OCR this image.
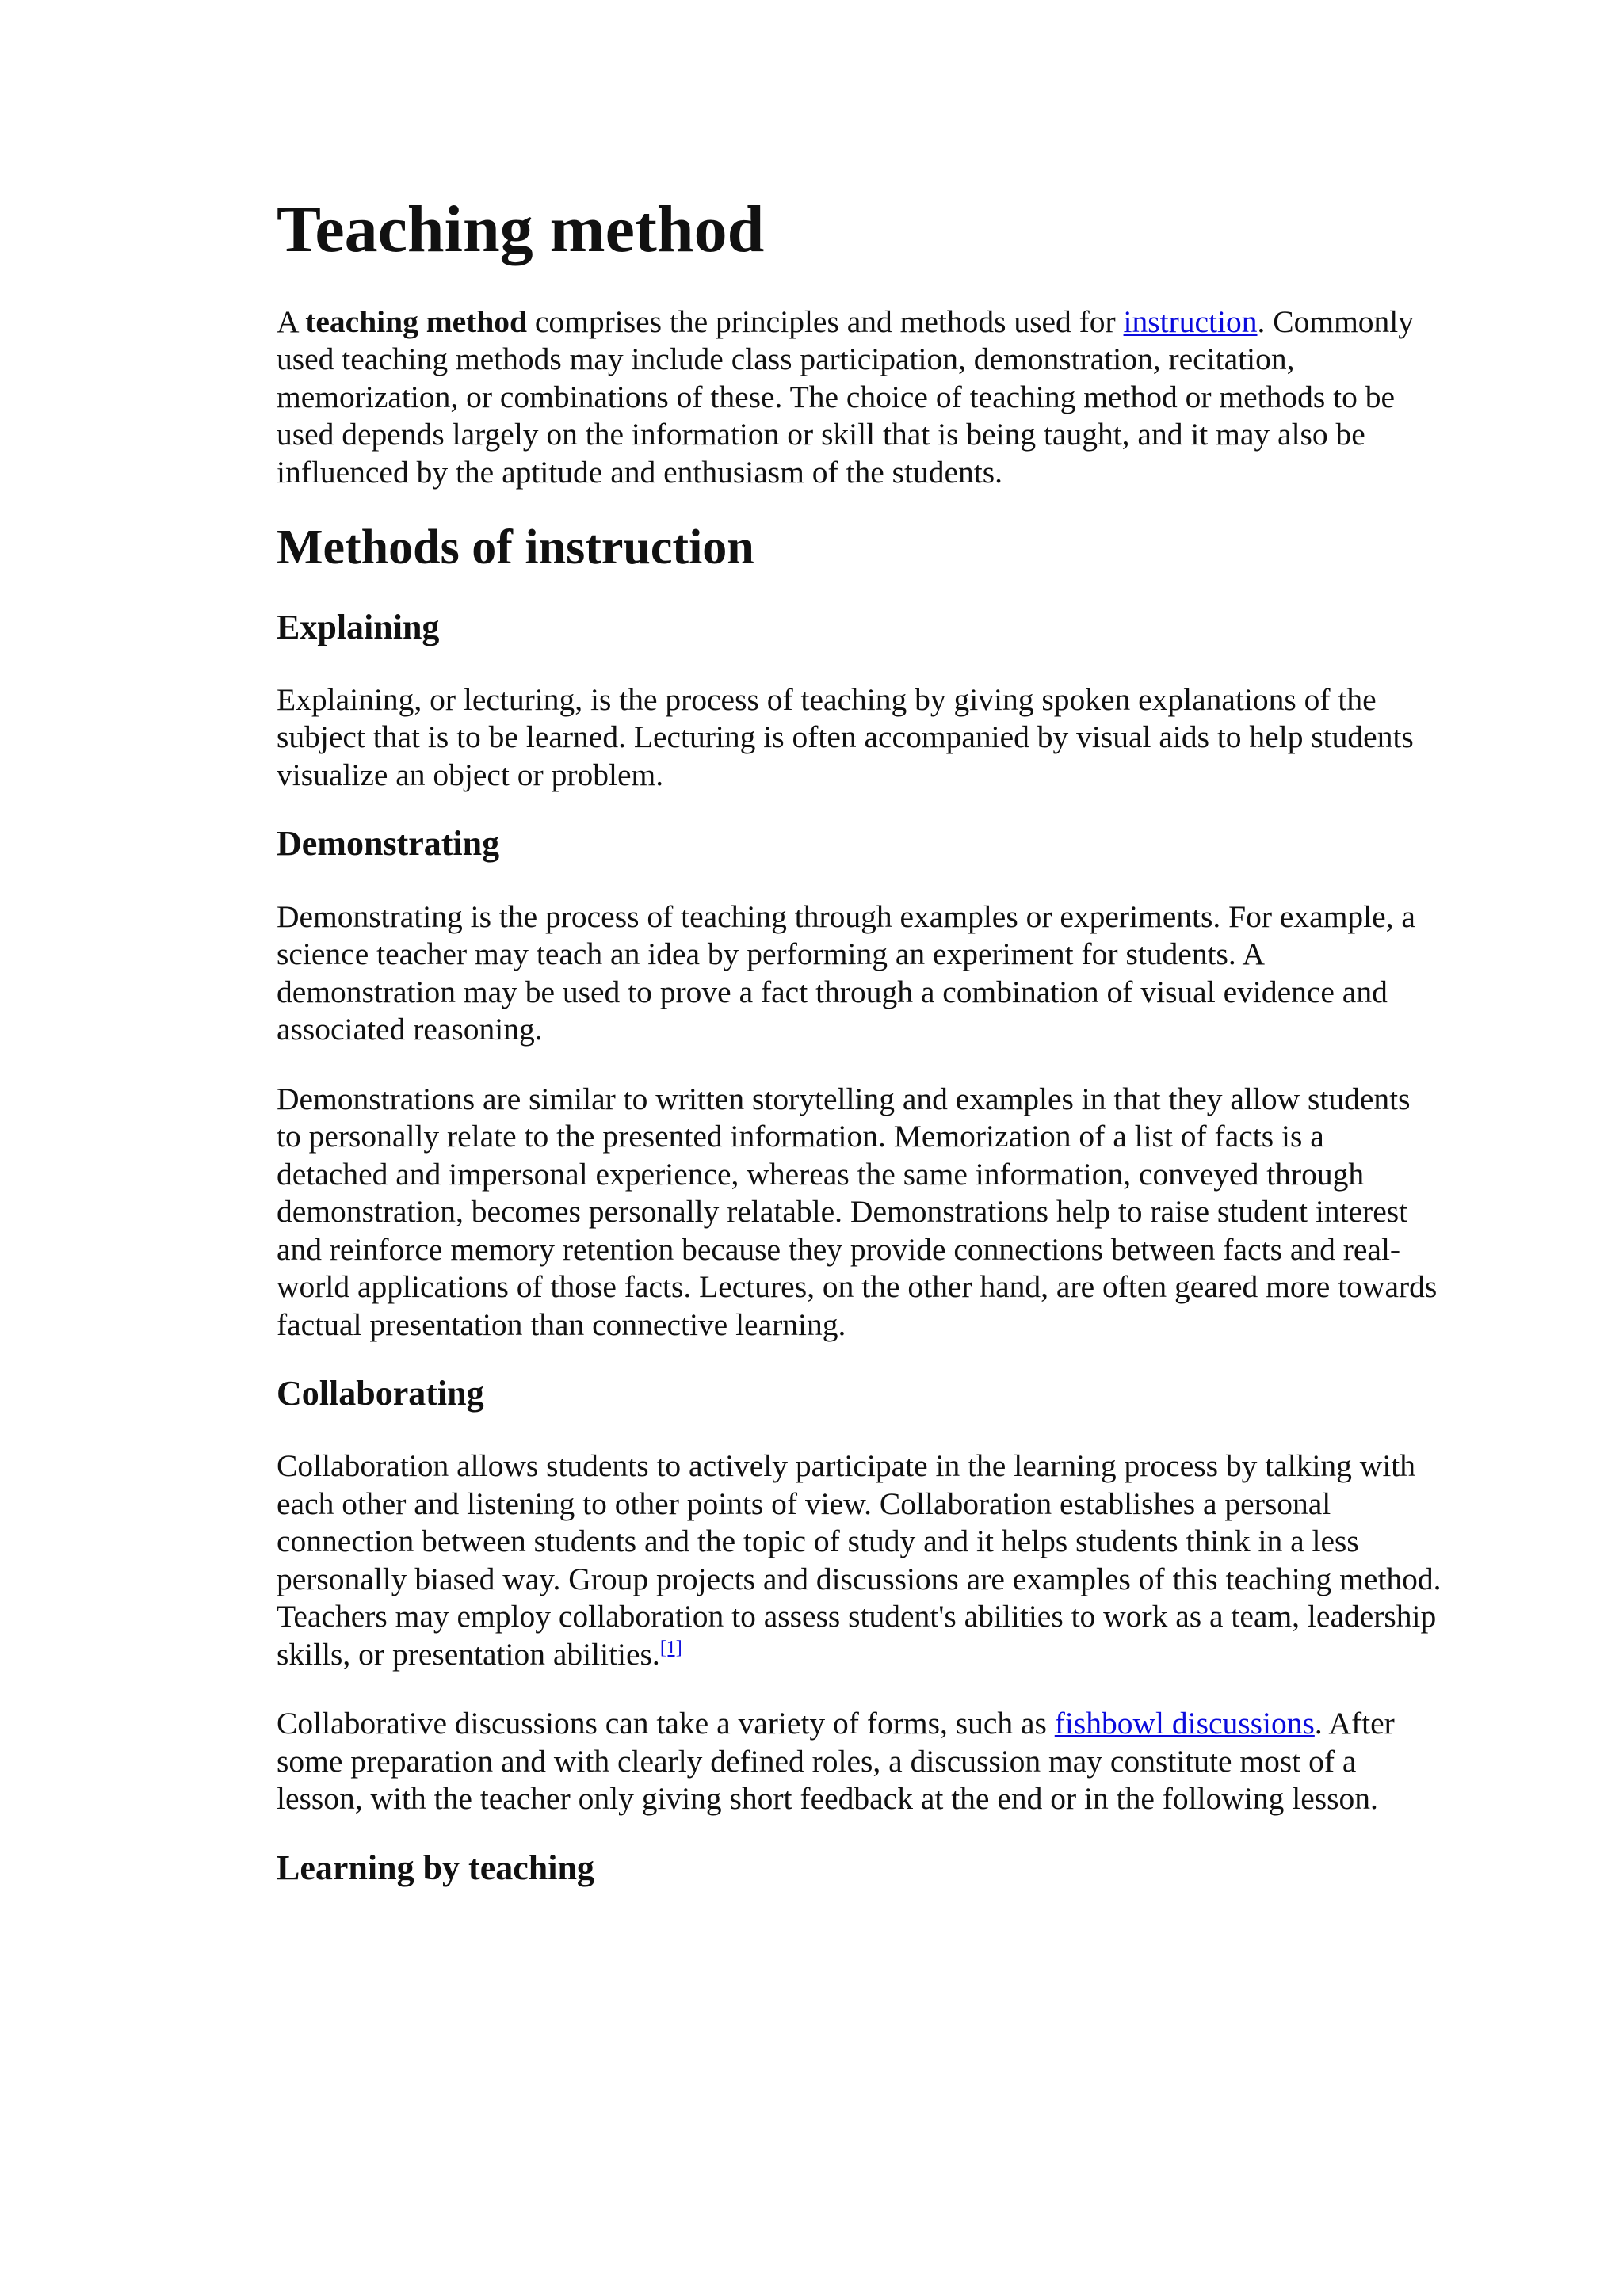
Teaching method

A teaching method comprises the principles and methods used for instruction. Commonly used teaching methods may include class participation, demonstration, recitation, memorization, or combinations of these. The choice of teaching method or methods to be used depends largely on the information or skill that is being taught, and it may also be influenced by the aptitude and enthusiasm of the students.

Methods of instruction
Explaining

Explaining, or lecturing, is the process of teaching by giving spoken explanations of the subject that is to be learned. Lecturing is often accompanied by visual aids to help students visualize an object or problem.

Demonstrating

Demonstrating is the process of teaching through examples or experiments. For example, a science teacher may teach an idea by performing an experiment for students. A demonstration may be used to prove a fact through a combination of visual evidence and associated reasoning.

Demonstrations are similar to written storytelling and examples in that they allow students to personally relate to the presented information. Memorization of a list of facts is a detached and impersonal experience, whereas the same information, conveyed through demonstration, becomes personally relatable. Demonstrations help to raise student interest and reinforce memory retention because they provide connections between facts and real-world applications of those facts. Lectures, on the other hand, are often geared more towards factual presentation than connective learning.

Collaborating

Collaboration allows students to actively participate in the learning process by talking with each other and listening to other points of view. Collaboration establishes a personal connection between students and the topic of study and it helps students think in a less personally biased way. Group projects and discussions are examples of this teaching method. Teachers may employ collaboration to assess student's abilities to work as a team, leadership skills, or presentation abilities.[1]

Collaborative discussions can take a variety of forms, such as fishbowl discussions. After some preparation and with clearly defined roles, a discussion may constitute most of a lesson, with the teacher only giving short feedback at the end or in the following lesson.

Learning by teaching
